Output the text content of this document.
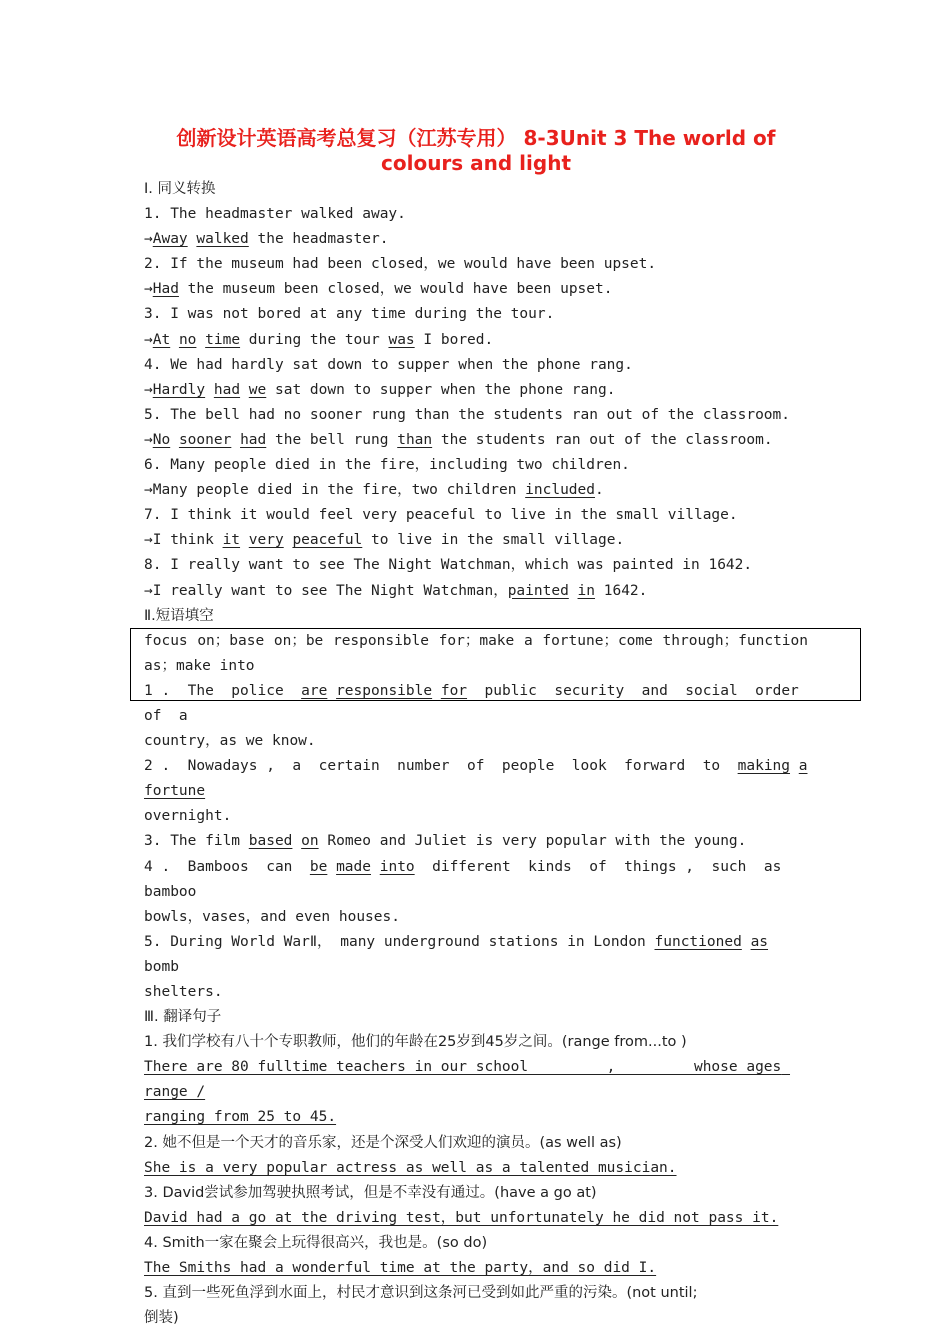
创新设计英语高考总复习（江苏专用） 8-3Unit 3 The world of
colours and light
Ⅰ. 同义转换
1. The headmaster walked away.
→Away walked the headmaster.
2. If the museum had been closed，we would have been upset.
→Had the museum been closed，we would have been upset.
3. I was not bored at any time during the tour.
→At no time during the tour was I bored.
4. We had hardly sat down to supper when the phone rang.
→Hardly had we sat down to supper when the phone rang.
5. The bell had no sooner rung than the students ran out of the classroom.
→No sooner had the bell rung than the students ran out of the classroom.
6. Many people died in the fire，including two children.
→Many people died in the fire，two children included.
7. I think it would feel very peaceful to live in the small village.
→I think it very peaceful to live in the small village.
8. I really want to see The Night Watchman，which was painted in 1642.
→I really want to see The Night Watchman，painted in 1642.
Ⅱ.短语填空
focus on；base on；be responsible for；make a fortune；come through；function
as；make into
1 .  The  police  are responsible for  public  security  and  social  order  of  a
country，as we know.
2 .  Nowadays ,  a  certain  number  of  people  look  forward  to  making a fortune
overnight.
3. The film based on Romeo and Juliet is very popular with the young.
4 .  Bamboos  can  be made into  different  kinds  of  things ,  such  as  bamboo
bowls，vases，and even houses.
5. During World WarⅡ， many underground stations in London functioned as bomb
shelters.
Ⅲ. 翻译句子
1. 我们学校有八十个专职教师，他们的年龄在25岁到45岁之间。(range from...to )
There are 80 fulltime teachers in our school         ,         whose ages range /
ranging from 25 to 45.
2. 她不但是一个天才的音乐家，还是个深受人们欢迎的演员。(as well as)
She is a very popular actress as well as a talented musician.
3. David尝试参加驾驶执照考试，但是不幸没有通过。(have a go at)
David had a go at the driving test，but unfortunately he did not pass it.
4. Smith一家在聚会上玩得很高兴，我也是。(so do)
The Smiths had a wonderful time at the party，and so did I.
5. 直到一些死鱼浮到水面上，村民才意识到这条河已受到如此严重的污染。(not until;
倒装)
